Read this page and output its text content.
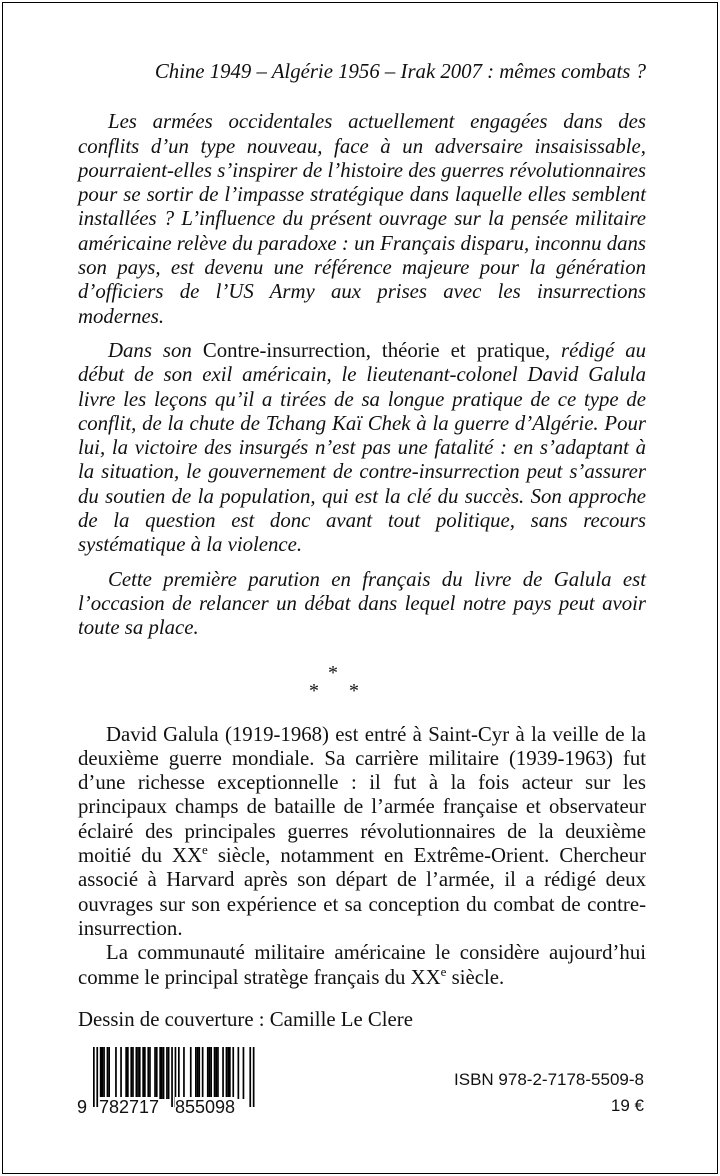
Chine 1949 – Algérie 1956 – Irak 2007 : mêmes combats ?

Les armées occidentales actuellement engagées dans des conflits d’un type nouveau, face à un adversaire insaisissable, pourraient-elles s’inspirer de l’histoire des guerres révolutionnaires pour se sortir de l’impasse stratégique dans laquelle elles semblent installées ? L’influence du présent ouvrage sur la pensée militaire américaine relève du paradoxe : un Français disparu, inconnu dans son pays, est devenu une référence majeure pour la génération d’officiers de l’US Army aux prises avec les insurrections modernes.

Dans son Contre-insurrection, théorie et pratique, rédigé au début de son exil américain, le lieutenant-colonel David Galula livre les leçons qu’il a tirées de sa longue pratique de ce type de conflit, de la chute de Tchang Kaï Chek à la guerre d’Algérie. Pour lui, la victoire des insurgés n’est pas une fatalité : en s’adaptant à la situation, le gouvernement de contre-insurrection peut s’assurer du soutien de la population, qui est la clé du succès. Son approche de la question est donc avant tout politique, sans recours systématique à la violence.

Cette première parution en français du livre de Galula est l’occasion de relancer un débat dans lequel notre pays peut avoir toute sa place.

*
* *

David Galula (1919-1968) est entré à Saint-Cyr à la veille de la deuxième guerre mondiale. Sa carrière militaire (1939-1963) fut d’une richesse exceptionnelle : il fut à la fois acteur sur les principaux champs de bataille de l’armée française et observateur éclairé des principales guerres révolutionnaires de la deuxième moitié du XXe siècle, notamment en Extrême-Orient. Chercheur associé à Harvard après son départ de l’armée, il a rédigé deux ouvrages sur son expérience et sa conception du combat de contre-insurrection.

La communauté militaire américaine le considère aujourd’hui comme le principal stratège français du XXe siècle.

Dessin de couverture : Camille Le Clere

9 782717 855098
ISBN 978-2-7178-5509-8
19 €
